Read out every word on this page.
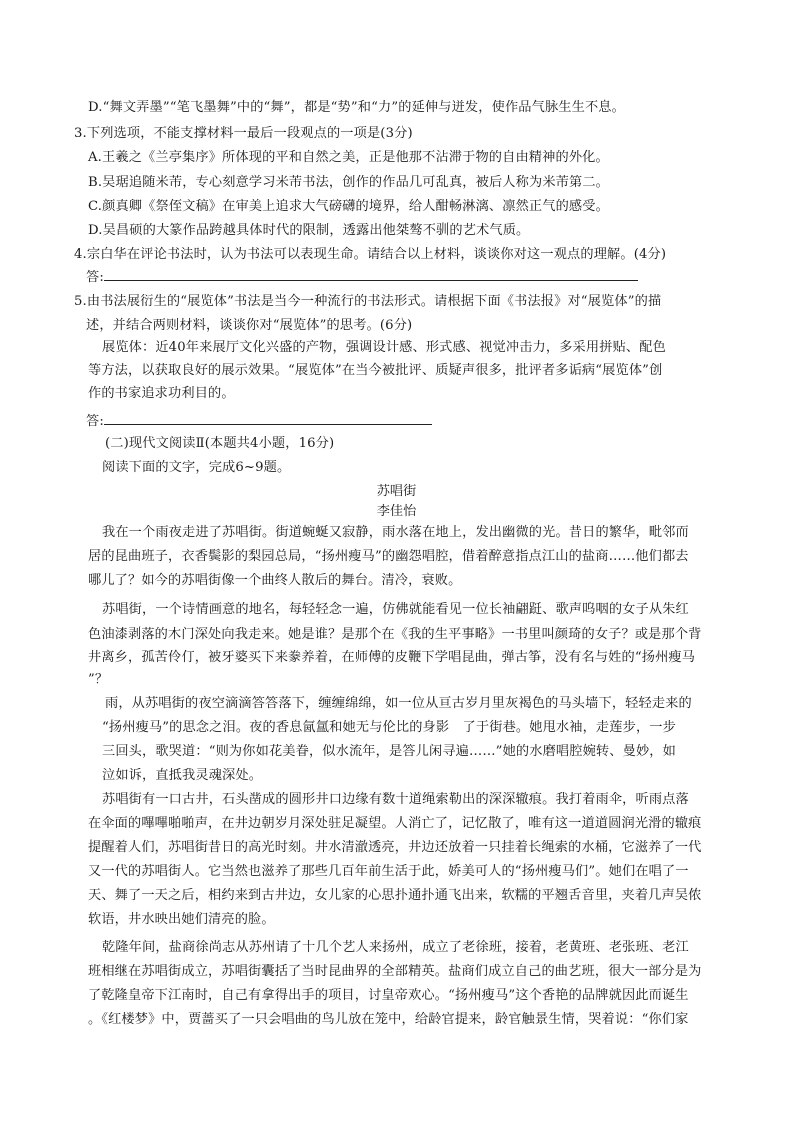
D.“舞文弄墨”“笔飞墨舞”中的“舞”，都是“势”和“力”的延伸与迸发，使作品气脉生生不息。
3.下列选项，不能支撑材料一最后一段观点的一项是(3分)
A.王羲之《兰亭集序》所体现的平和自然之美，正是他那不沾滞于物的自由精神的外化。
B.吴琚追随米芾，专心刻意学习米芾书法，创作的作品几可乱真，被后人称为米芾第二。
C.颜真卿《祭侄文稿》在审美上追求大气磅礴的境界，给人酣畅淋漓、凛然正气的感受。
D.吴昌硕的大篆作品跨越具体时代的限制，透露出他桀骜不驯的艺术气质。
4.宗白华在评论书法时，认为书法可以表现生命。请结合以上材料，谈谈你对这一观点的理解。(4分)
答:
5.由书法展衍生的“展览体”书法是当今一种流行的书法形式。请根据下面《书法报》对“展览体”的描
述，并结合两则材料，谈谈你对“展览体”的思考。(6分)
展览体：近40年来展厅文化兴盛的产物，强调设计感、形式感、视觉冲击力，多采用拼贴、配色
等方法，以获取良好的展示效果。“展览体”在当今被批评、质疑声很多，批评者多诟病“展览体”创
作的书家追求功利目的。
答:
(二)现代文阅读Ⅱ(本题共4小题，16分)
阅读下面的文字，完成6~9题。
苏唱街
李佳怡
我在一个雨夜走进了苏唱街。街道蜿蜒又寂静，雨水落在地上，发出幽微的光。昔日的繁华，毗邻而
居的昆曲班子，衣香鬓影的梨园总局，“扬州瘦马”的幽怨唱腔，借着醉意指点江山的盐商……他们都去
哪儿了？如今的苏唱街像一个曲终人散后的舞台。清冷，衰败。
苏唱街，一个诗情画意的地名，每轻轻念一遍，仿佛就能看见一位长袖翩跹、歌声呜咽的女子从朱红
色油漆剥落的木门深处向我走来。她是谁？是那个在《我的生平事略》一书里叫颜琦的女子？或是那个背
井离乡，孤苦伶仃，被牙婆买下来豢养着，在师傅的皮鞭下学唱昆曲，弹古筝，没有名与姓的“扬州瘦马
”？
雨，从苏唱街的夜空滴滴答答落下，缠缠绵绵，如一位从亘古岁月里灰褐色的马头墙下，轻轻走来的
“扬州瘦马”的思念之泪。夜的香息氤氲和她无与伦比的身影　了于街巷。她甩水袖，走莲步，一步
三回头，歌哭道：“则为你如花美眷，似水流年，是答儿闲寻遍……”她的水磨唱腔婉转、曼妙，如
泣如诉，直抵我灵魂深处。
苏唱街有一口古井，石头凿成的圆形井口边缘有数十道绳索勒出的深深辙痕。我打着雨伞，听雨点落
在伞面的嗶嗶啪啪声，在井边朝岁月深处驻足凝望。人消亡了，记忆散了，唯有这一道道圆润光滑的辙痕
提醒着人们，苏唱街昔日的高光时刻。井水清澈透亮，井边还放着一只挂着长绳索的水桶，它滋养了一代
又一代的苏唱街人。它当然也滋养了那些几百年前生活于此，娇美可人的“扬州瘦马们”。她们在唱了一
天、舞了一天之后，相约来到古井边，女儿家的心思扑通扑通飞出来，软糯的平翘舌音里，夹着几声吴侬
软语，井水映出她们清亮的脸。
乾隆年间，盐商徐尚志从苏州请了十几个艺人来扬州，成立了老徐班，接着，老黄班、老张班、老江
班相继在苏唱街成立，苏唱街囊括了当时昆曲界的全部精英。盐商们成立自己的曲艺班，很大一部分是为
了乾隆皇帝下江南时，自己有拿得出手的项目，讨皇帝欢心。“扬州瘦马”这个香艳的品牌就因此而诞生
。《红楼梦》中，贾蔷买了一只会唱曲的鸟儿放在笼中，给龄官提来，龄官触景生情，哭着说：“你们家
